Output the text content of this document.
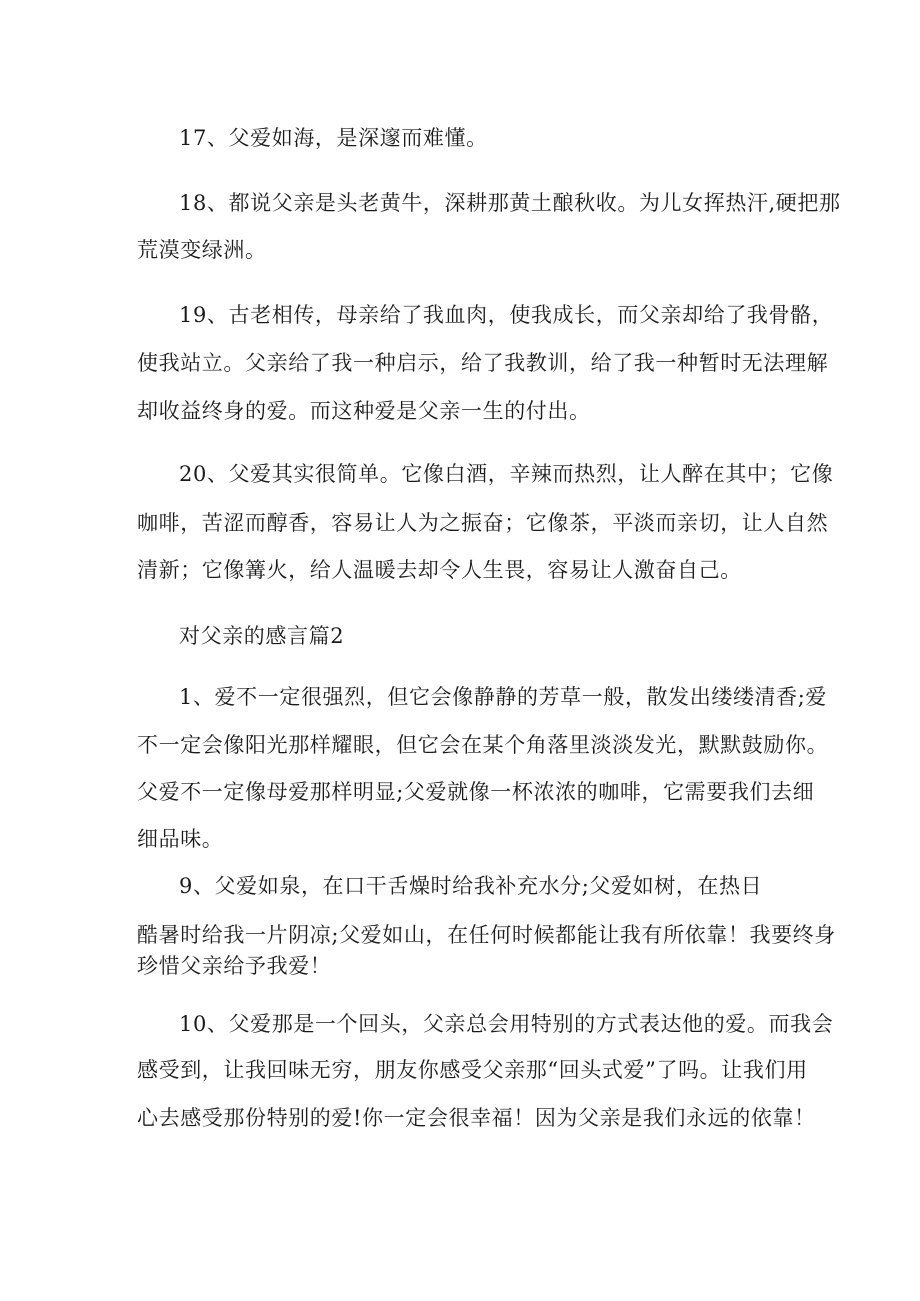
17、父爱如海，是深邃而难懂。
18、都说父亲是头老黄牛，深耕那黄土酿秋收。为儿女挥热汗,硬把那
荒漠变绿洲。
19、古老相传，母亲给了我血肉，使我成长，而父亲却给了我骨骼，
使我站立。父亲给了我一种启示，给了我教训，给了我一种暂时无法理解
却收益终身的爱。而这种爱是父亲一生的付出。
20、父爱其实很简单。它像白酒，辛辣而热烈，让人醉在其中；它像
咖啡，苦涩而醇香，容易让人为之振奋；它像茶，平淡而亲切，让人自然
清新；它像篝火，给人温暖去却令人生畏，容易让人激奋自己。
对父亲的感言篇2
1、爱不一定很强烈，但它会像静静的芳草一般，散发出缕缕清香;爱
不一定会像阳光那样耀眼，但它会在某个角落里淡淡发光，默默鼓励你。
父爱不一定像母爱那样明显;父爱就像一杯浓浓的咖啡，它需要我们去细
细品味。
9、父爱如泉，在口干舌燥时给我补充水分;父爱如树，在热日
酷暑时给我一片阴凉;父爱如山，在任何时候都能让我有所依靠！我要终身
珍惜父亲给予我爱！
10、父爱那是一个回头，父亲总会用特别的方式表达他的爱。而我会
感受到，让我回味无穷，朋友你感受父亲那“回头式爱”了吗。让我们用
心去感受那份特别的爱!你一定会很幸福！因为父亲是我们永远的依靠！
